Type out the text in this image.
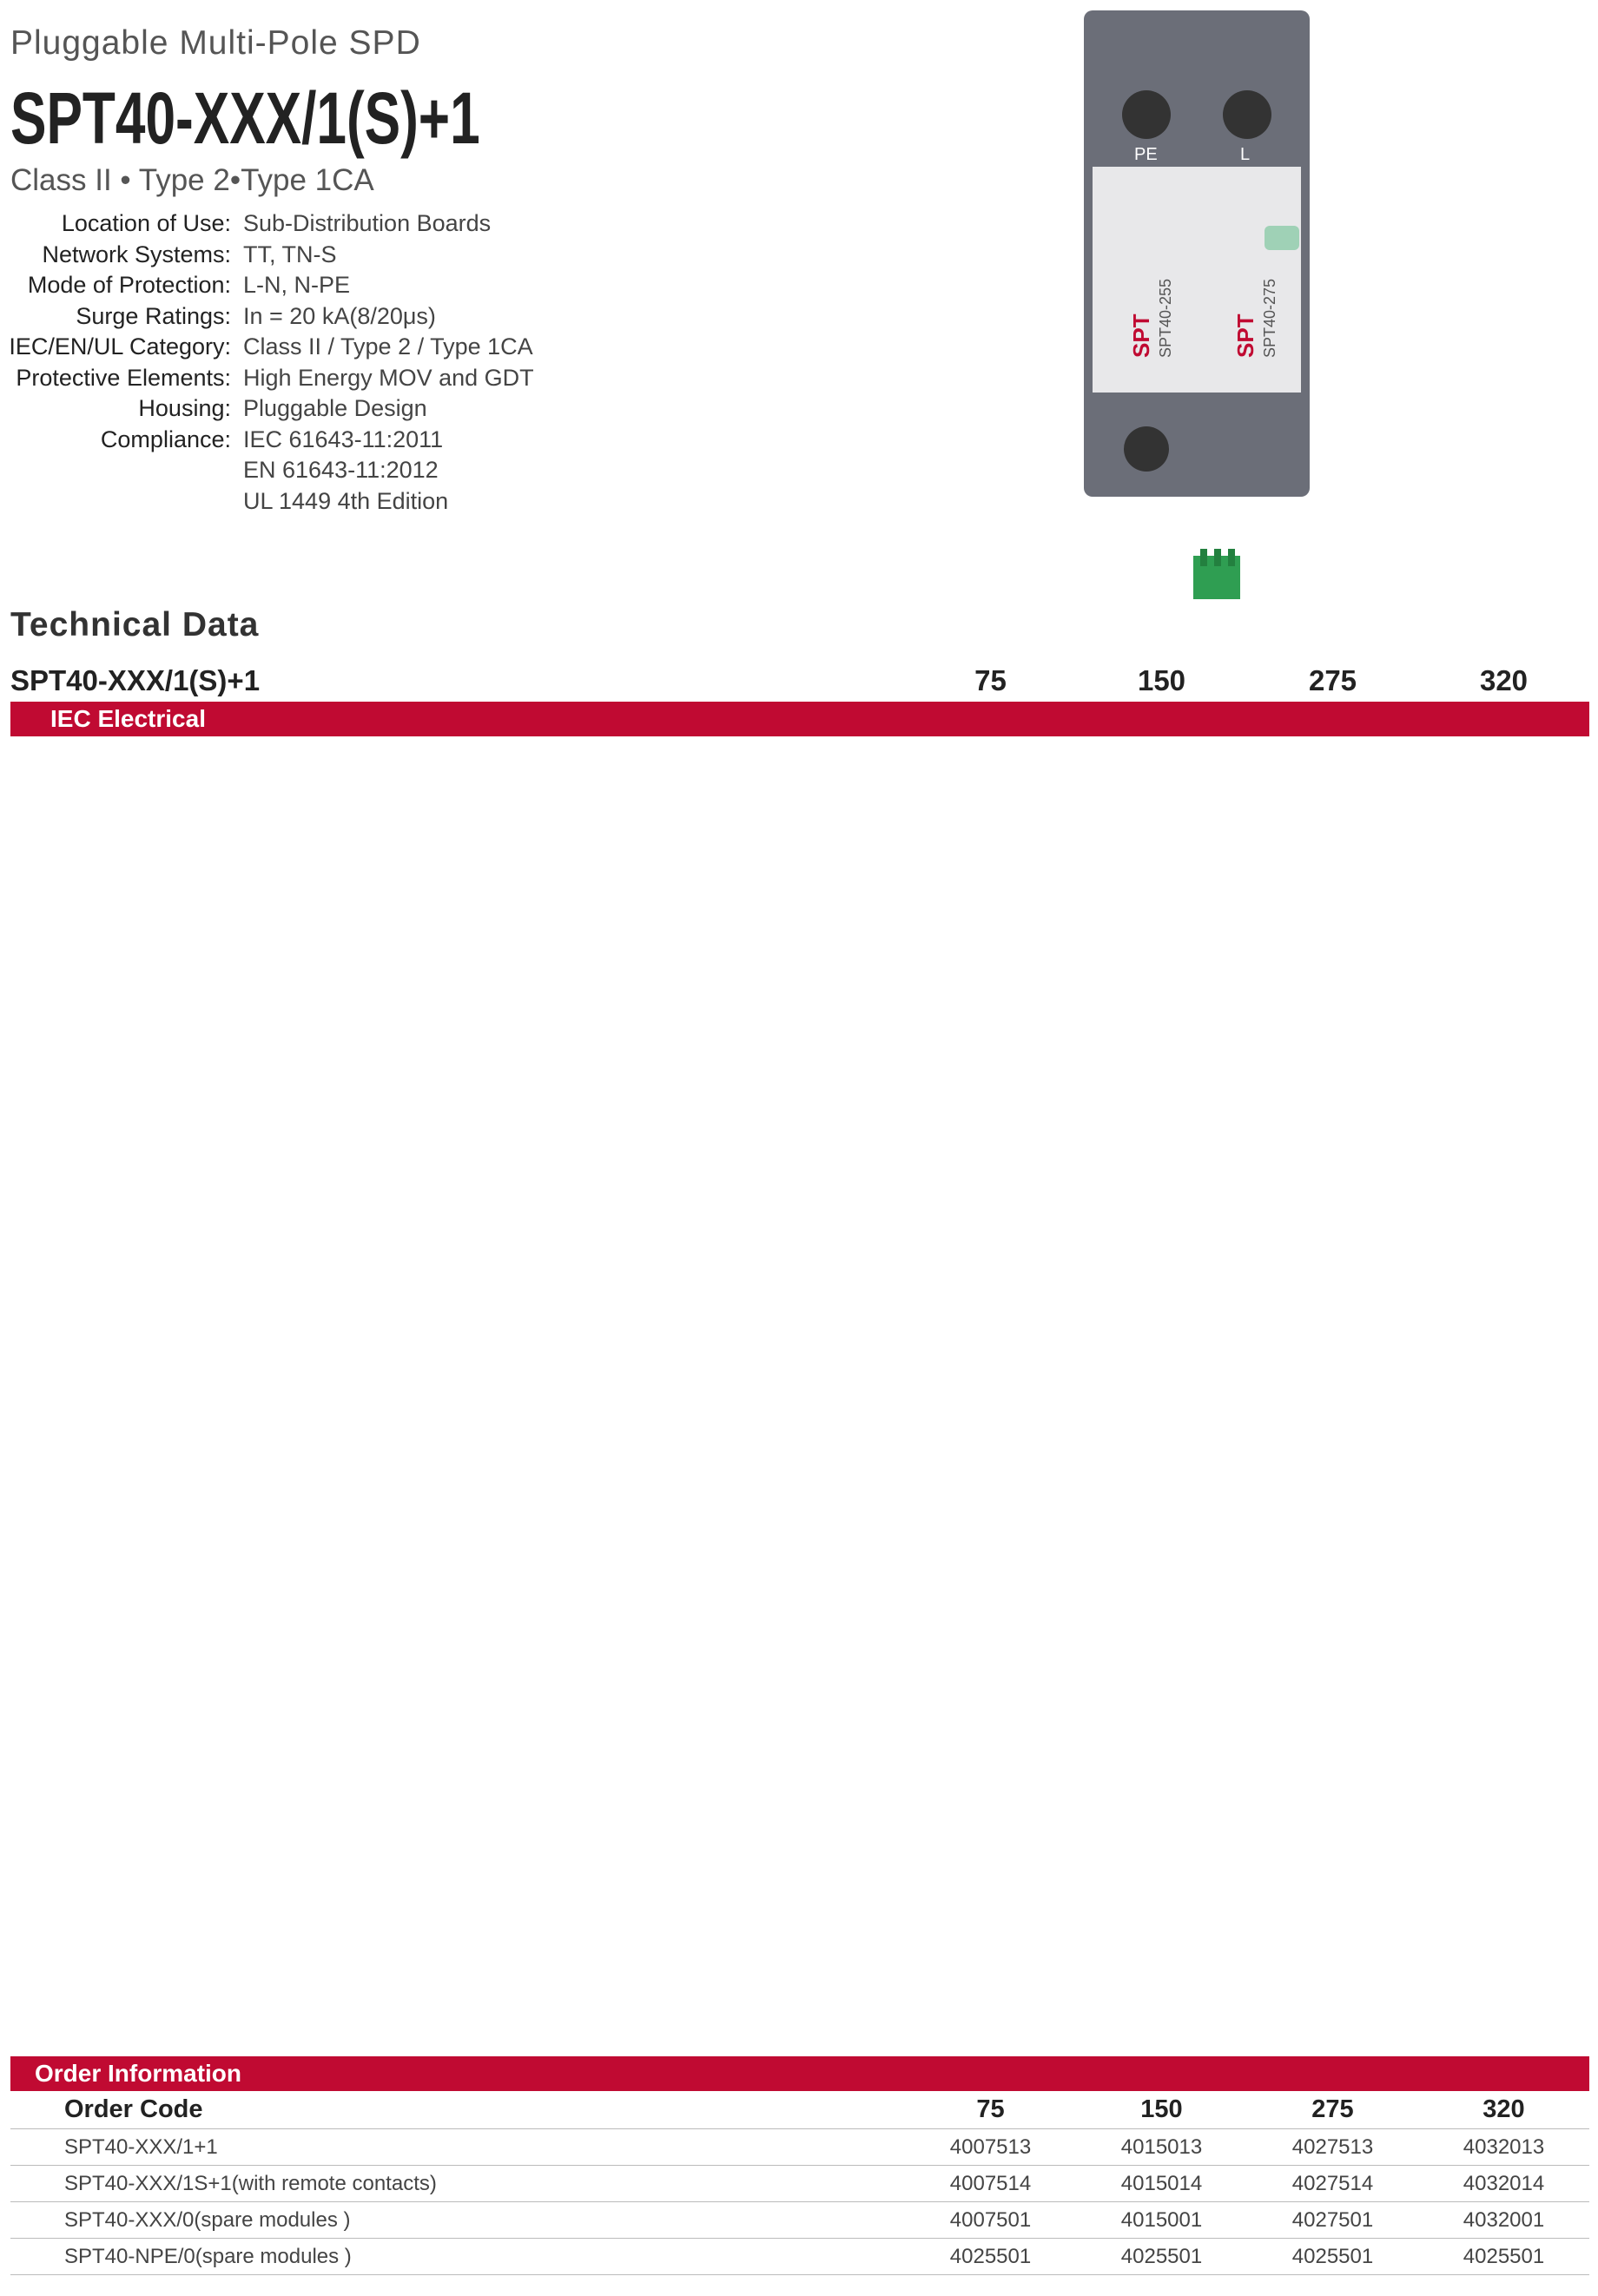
Pluggable Multi-Pole SPD
SPT40-XXX/1(S)+1
Class II • Type 2•Type 1CA
Location of Use: Sub-Distribution Boards
Network Systems: TT, TN-S
Mode of Protection: L-N, N-PE
Surge Ratings: In = 20 kA(8/20μs)
IEC/EN/UL Category: Class II / Type 2 / Type 1CA
Protective Elements: High Energy MOV and GDT
Housing: Pluggable Design
Compliance: IEC 61643-11:2011
EN 61643-11:2012
UL 1449 4th Edition
PE	L
SPT SPT40-255	SPT SPT40-275
Technical Data
SPT40-XXX/1(S)+1	75	150	275	320
IEC Electrical
Order Information
Order Code	75	150	275	320
SPT40-XXX/1+1	4007513	4015013	4027513	4032013
SPT40-XXX/1S+1(with remote contacts)	4007514	4015014	4027514	4032014
SPT40-XXX/0(spare modules )	4007501	4015001	4027501	4032001
SPT40-NPE/0(spare modules )	4025501	4025501	4025501	4025501
